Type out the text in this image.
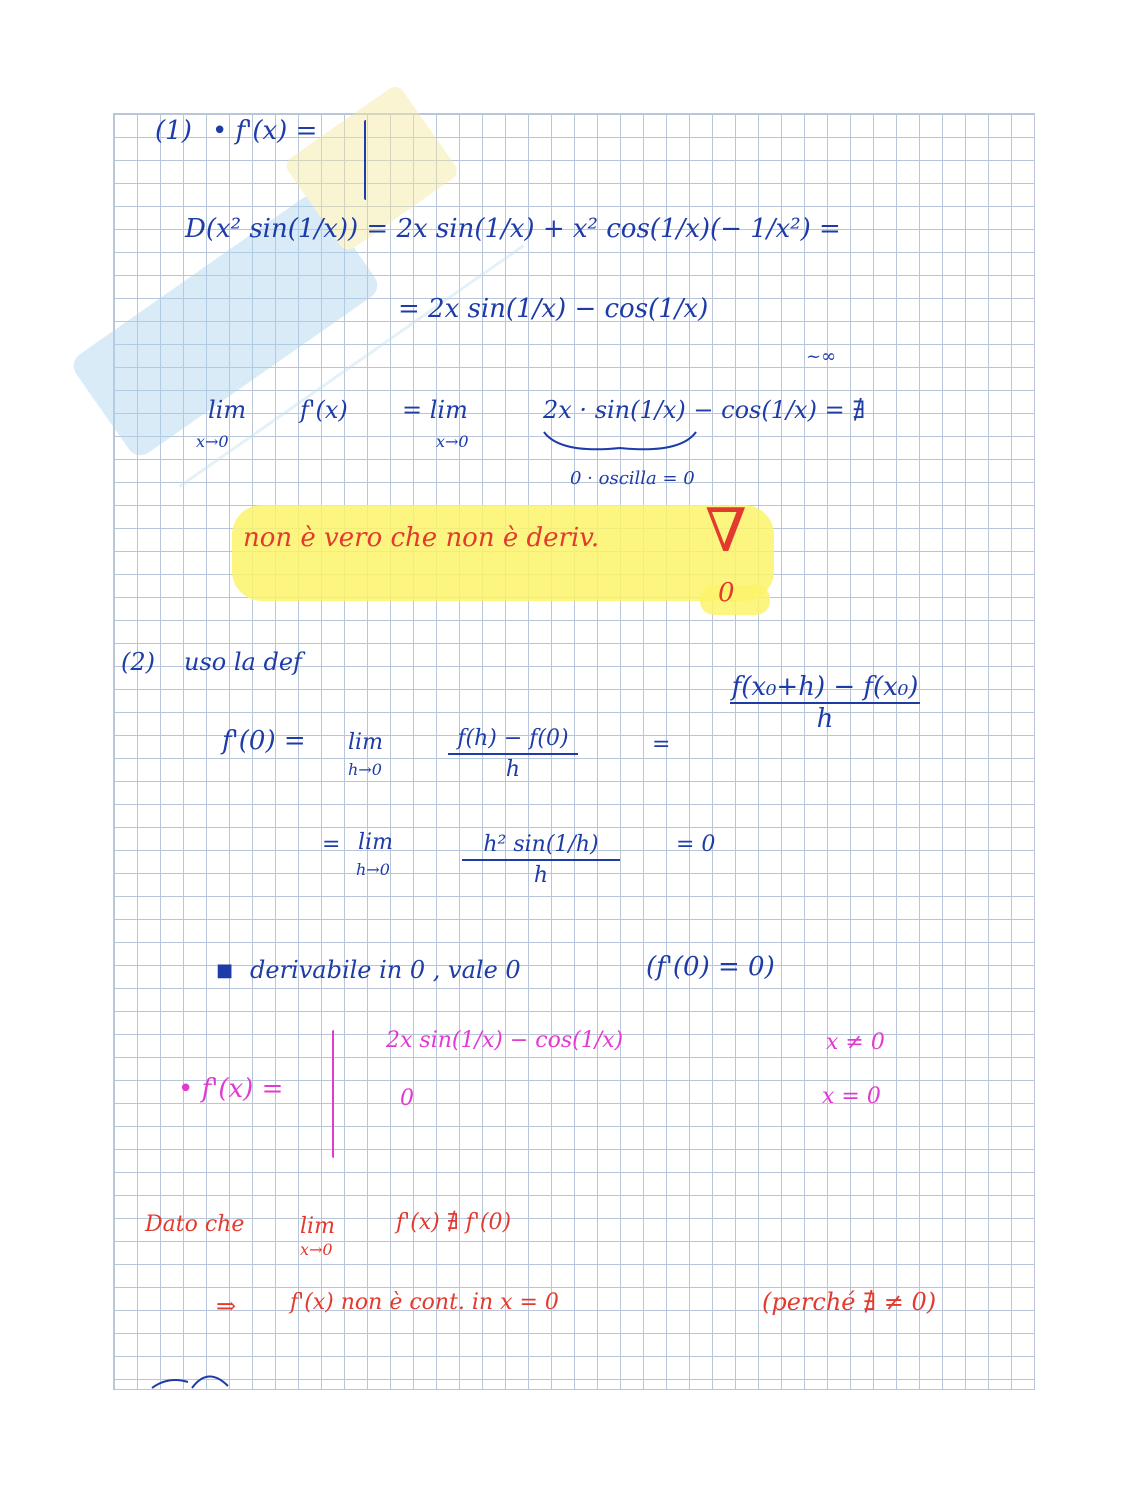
(1) • f'(x) =
D(x² sin(1/x)) = 2x sin(1/x) + x² cos(1/x)(− 1/x²) =
= 2x sin(1/x) − cos(1/x)
~∞
lim
x→0
f'(x) = lim
x→0
2x · sin(1/x) − cos(1/x) = ∄
0 · oscilla = 0
non è vero che non è deriv. ∇
0
(2) uso la def
f(x₀+h) − f(x₀)
h
f'(0) = lim
h→0
f(h) − f(0)
h
=
= lim
h→0
h² sin(1/h)
h
= 0
■ derivabile in 0 , vale 0	(f'(0) = 0)
• f'(x) =
2x sin(1/x) − cos(1/x)	x ≠ 0
0	x = 0
Dato che	lim
x→0
f'(x) ∄ f'(0)
⇒ f'(x) non è cont. in x = 0	(perché ∄ ≠ 0)
